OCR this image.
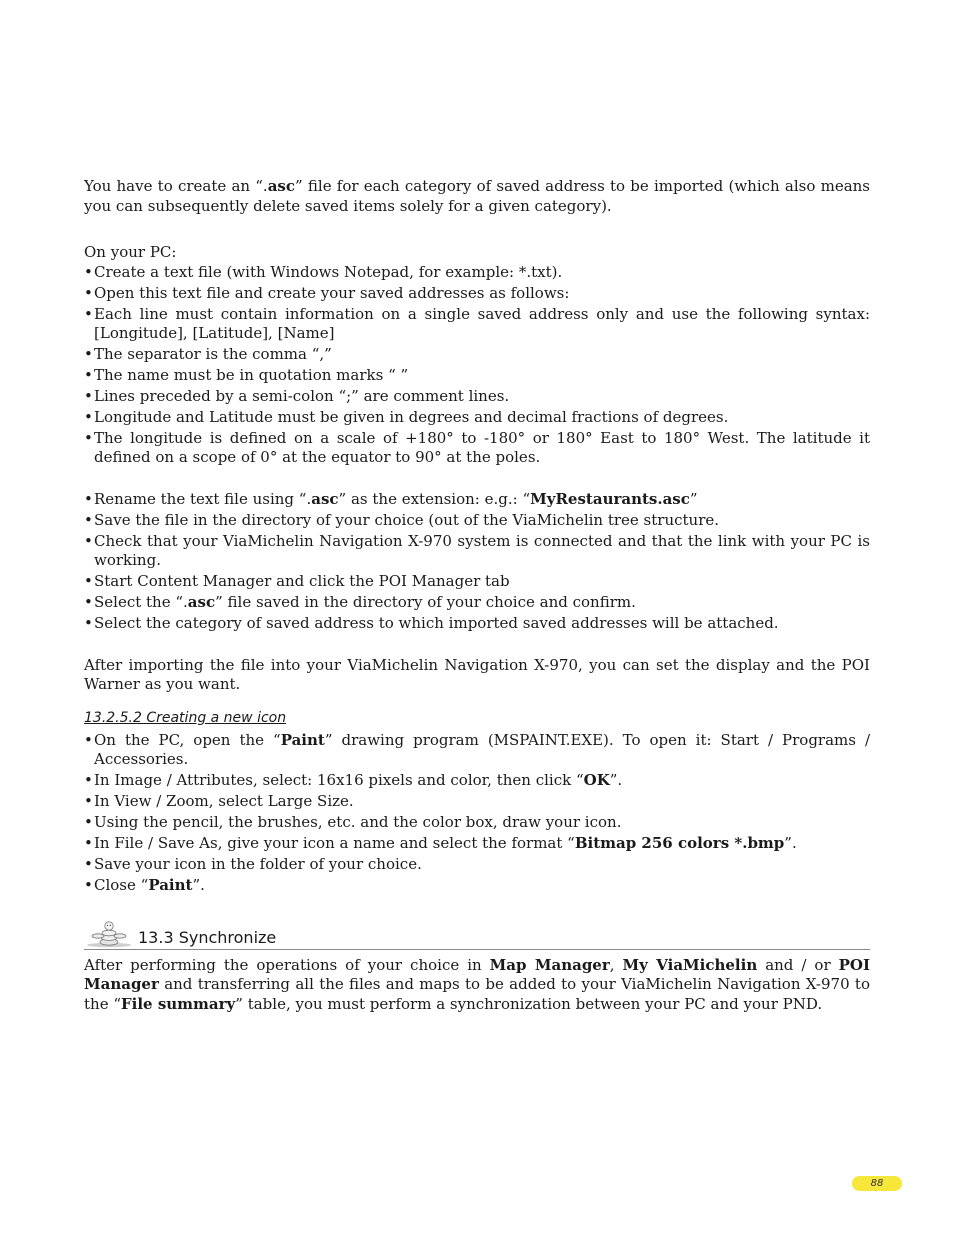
You have to create an “.asc” file for each category of saved address to be imported (which also means you can subsequently delete saved items solely for a given category).

On your PC:

• Create a text file (with Windows Notepad, for example: *.txt).
• Open this text file and create your saved addresses as follows:
• Each line must contain information on a single saved address only and use the following syntax: [Longitude], [Latitude], [Name]
• The separator is the comma “,”
• The name must be in quotation marks “ ”
• Lines preceded by a semi-colon “;” are comment lines.
• Longitude and Latitude must be given in degrees and decimal fractions of degrees.
• The longitude is defined on a scale of +180° to -180° or 180° East to 180° West. The latitude it defined on a scope of 0° at the equator to 90° at the poles.
• Rename the text file using “.asc” as the extension: e.g.: “MyRestaurants.asc”
• Save the file in the directory of your choice (out of the ViaMichelin tree structure.
• Check that your ViaMichelin Navigation X-970 system is connected and that the link with your PC is working.
• Start Content Manager and click the POI Manager tab
• Select the “.asc” file saved in the directory of your choice and confirm.
• Select the category of saved address to which imported saved addresses will be attached.

After importing the file into your ViaMichelin Navigation X-970, you can set the display and the POI Warner as you want.

13.2.5.2 Creating a new icon
• On the PC, open the “Paint” drawing program (MSPAINT.EXE). To open it: Start / Programs / Accessories.
• In Image / Attributes, select: 16x16 pixels and color, then click “OK”.
• In View / Zoom, select Large Size.
• Using the pencil, the brushes, etc. and the color box, draw your icon.
• In File / Save As, give your icon a name and select the format “Bitmap 256 colors *.bmp”.
• Save your icon in the folder of your choice.
• Close “Paint”.
13.3 Synchronize

After performing the operations of your choice in Map Manager, My ViaMichelin and / or POI Manager and transferring all the files and maps to be added to your ViaMichelin Navigation X-970 to the “File summary” table, you must perform a synchronization between your PC and your PND.

88
